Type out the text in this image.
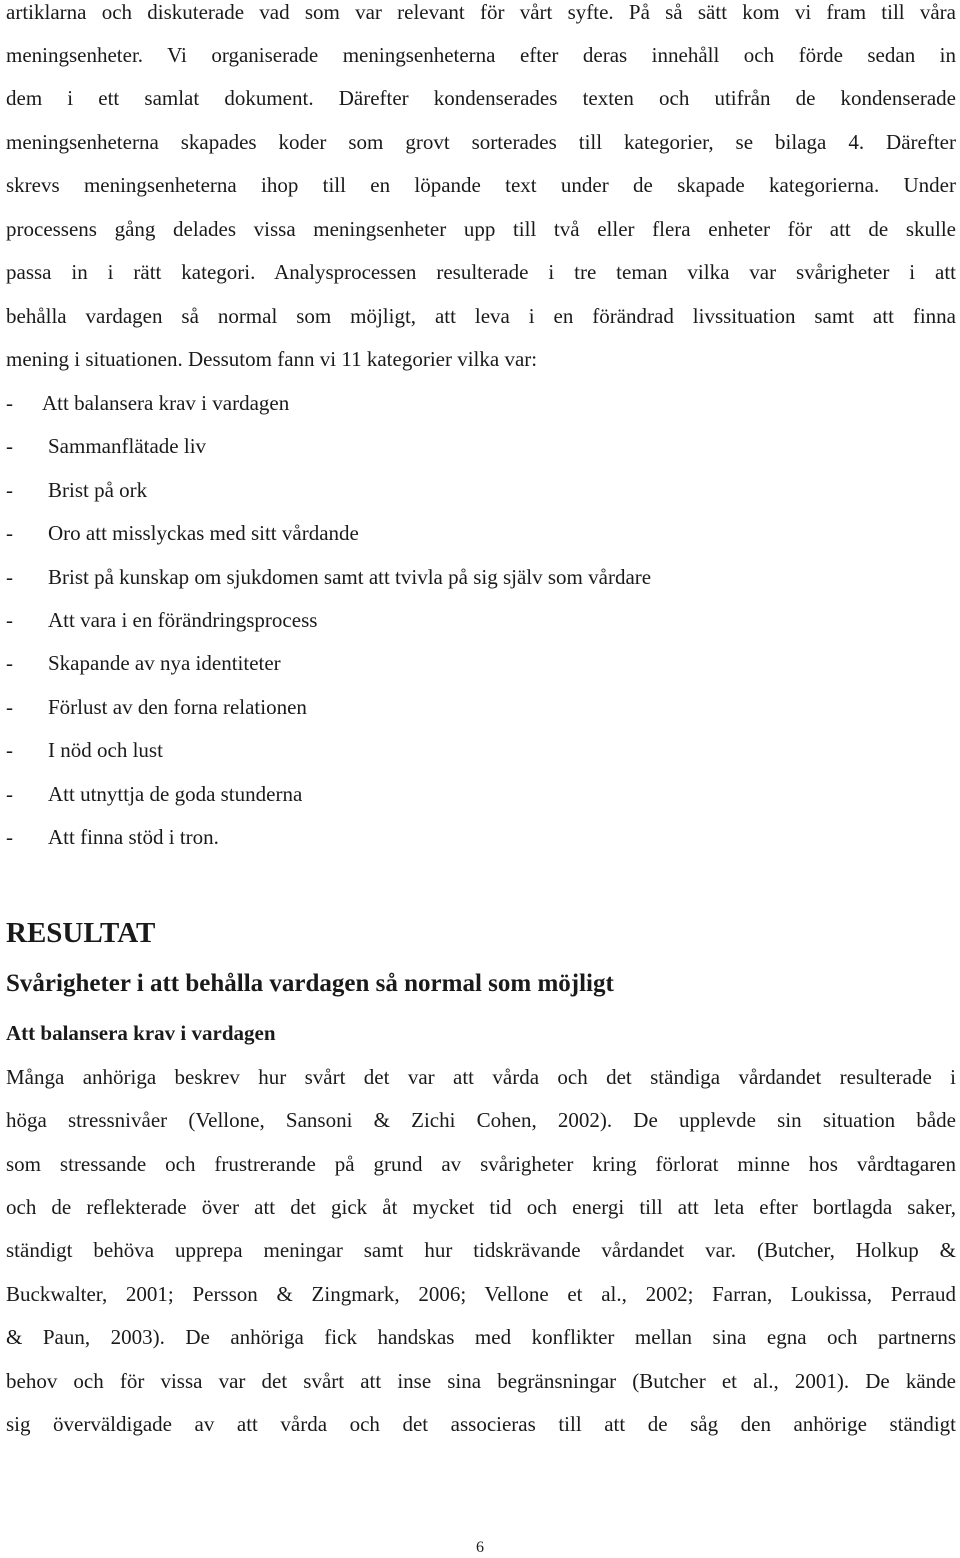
artiklarna och diskuterade vad som var relevant för vårt syfte. På så sätt kom vi fram till våra
meningsenheter. Vi organiserade meningsenheterna efter deras innehåll och förde sedan in
dem i ett samlat dokument. Därefter kondenserades texten och utifrån de kondenserade
meningsenheterna skapades koder som grovt sorterades till kategorier, se bilaga 4. Därefter
skrevs meningsenheterna ihop till en löpande text under de skapade kategorierna. Under
processens gång delades vissa meningsenheter upp till två eller flera enheter för att de skulle
passa in i rätt kategori. Analysprocessen resulterade i tre teman vilka var svårigheter i att
behålla vardagen så normal som möjligt, att leva i en förändrad livssituation samt att finna
mening i situationen. Dessutom fann vi 11 kategorier vilka var:
- Att balansera krav i vardagen
- Sammanflätade liv
- Brist på ork
- Oro att misslyckas med sitt vårdande
- Brist på kunskap om sjukdomen samt att tvivla på sig själv som vårdare
- Att vara i en förändringsprocess
- Skapande av nya identiteter
- Förlust av den forna relationen
- I nöd och lust
- Att utnyttja de goda stunderna
- Att finna stöd i tron.
RESULTAT
Svårigheter i att behålla vardagen så normal som möjligt
Att balansera krav i vardagen
Många anhöriga beskrev hur svårt det var att vårda och det ständiga vårdandet resulterade i
höga stressnivåer (Vellone, Sansoni & Zichi Cohen, 2002). De upplevde sin situation både
som stressande och frustrerande på grund av svårigheter kring förlorat minne hos vårdtagaren
och de reflekterade över att det gick åt mycket tid och energi till att leta efter bortlagda saker,
ständigt behöva upprepa meningar samt hur tidskrävande vårdandet var. (Butcher, Holkup &
Buckwalter, 2001; Persson & Zingmark, 2006; Vellone et al., 2002; Farran, Loukissa, Perraud
& Paun, 2003). De anhöriga fick handskas med konflikter mellan sina egna och partnerns
behov och för vissa var det svårt att inse sina begränsningar (Butcher et al., 2001). De kände
sig överväldigade av att vårda och det associeras till att de såg den anhörige ständigt
6
